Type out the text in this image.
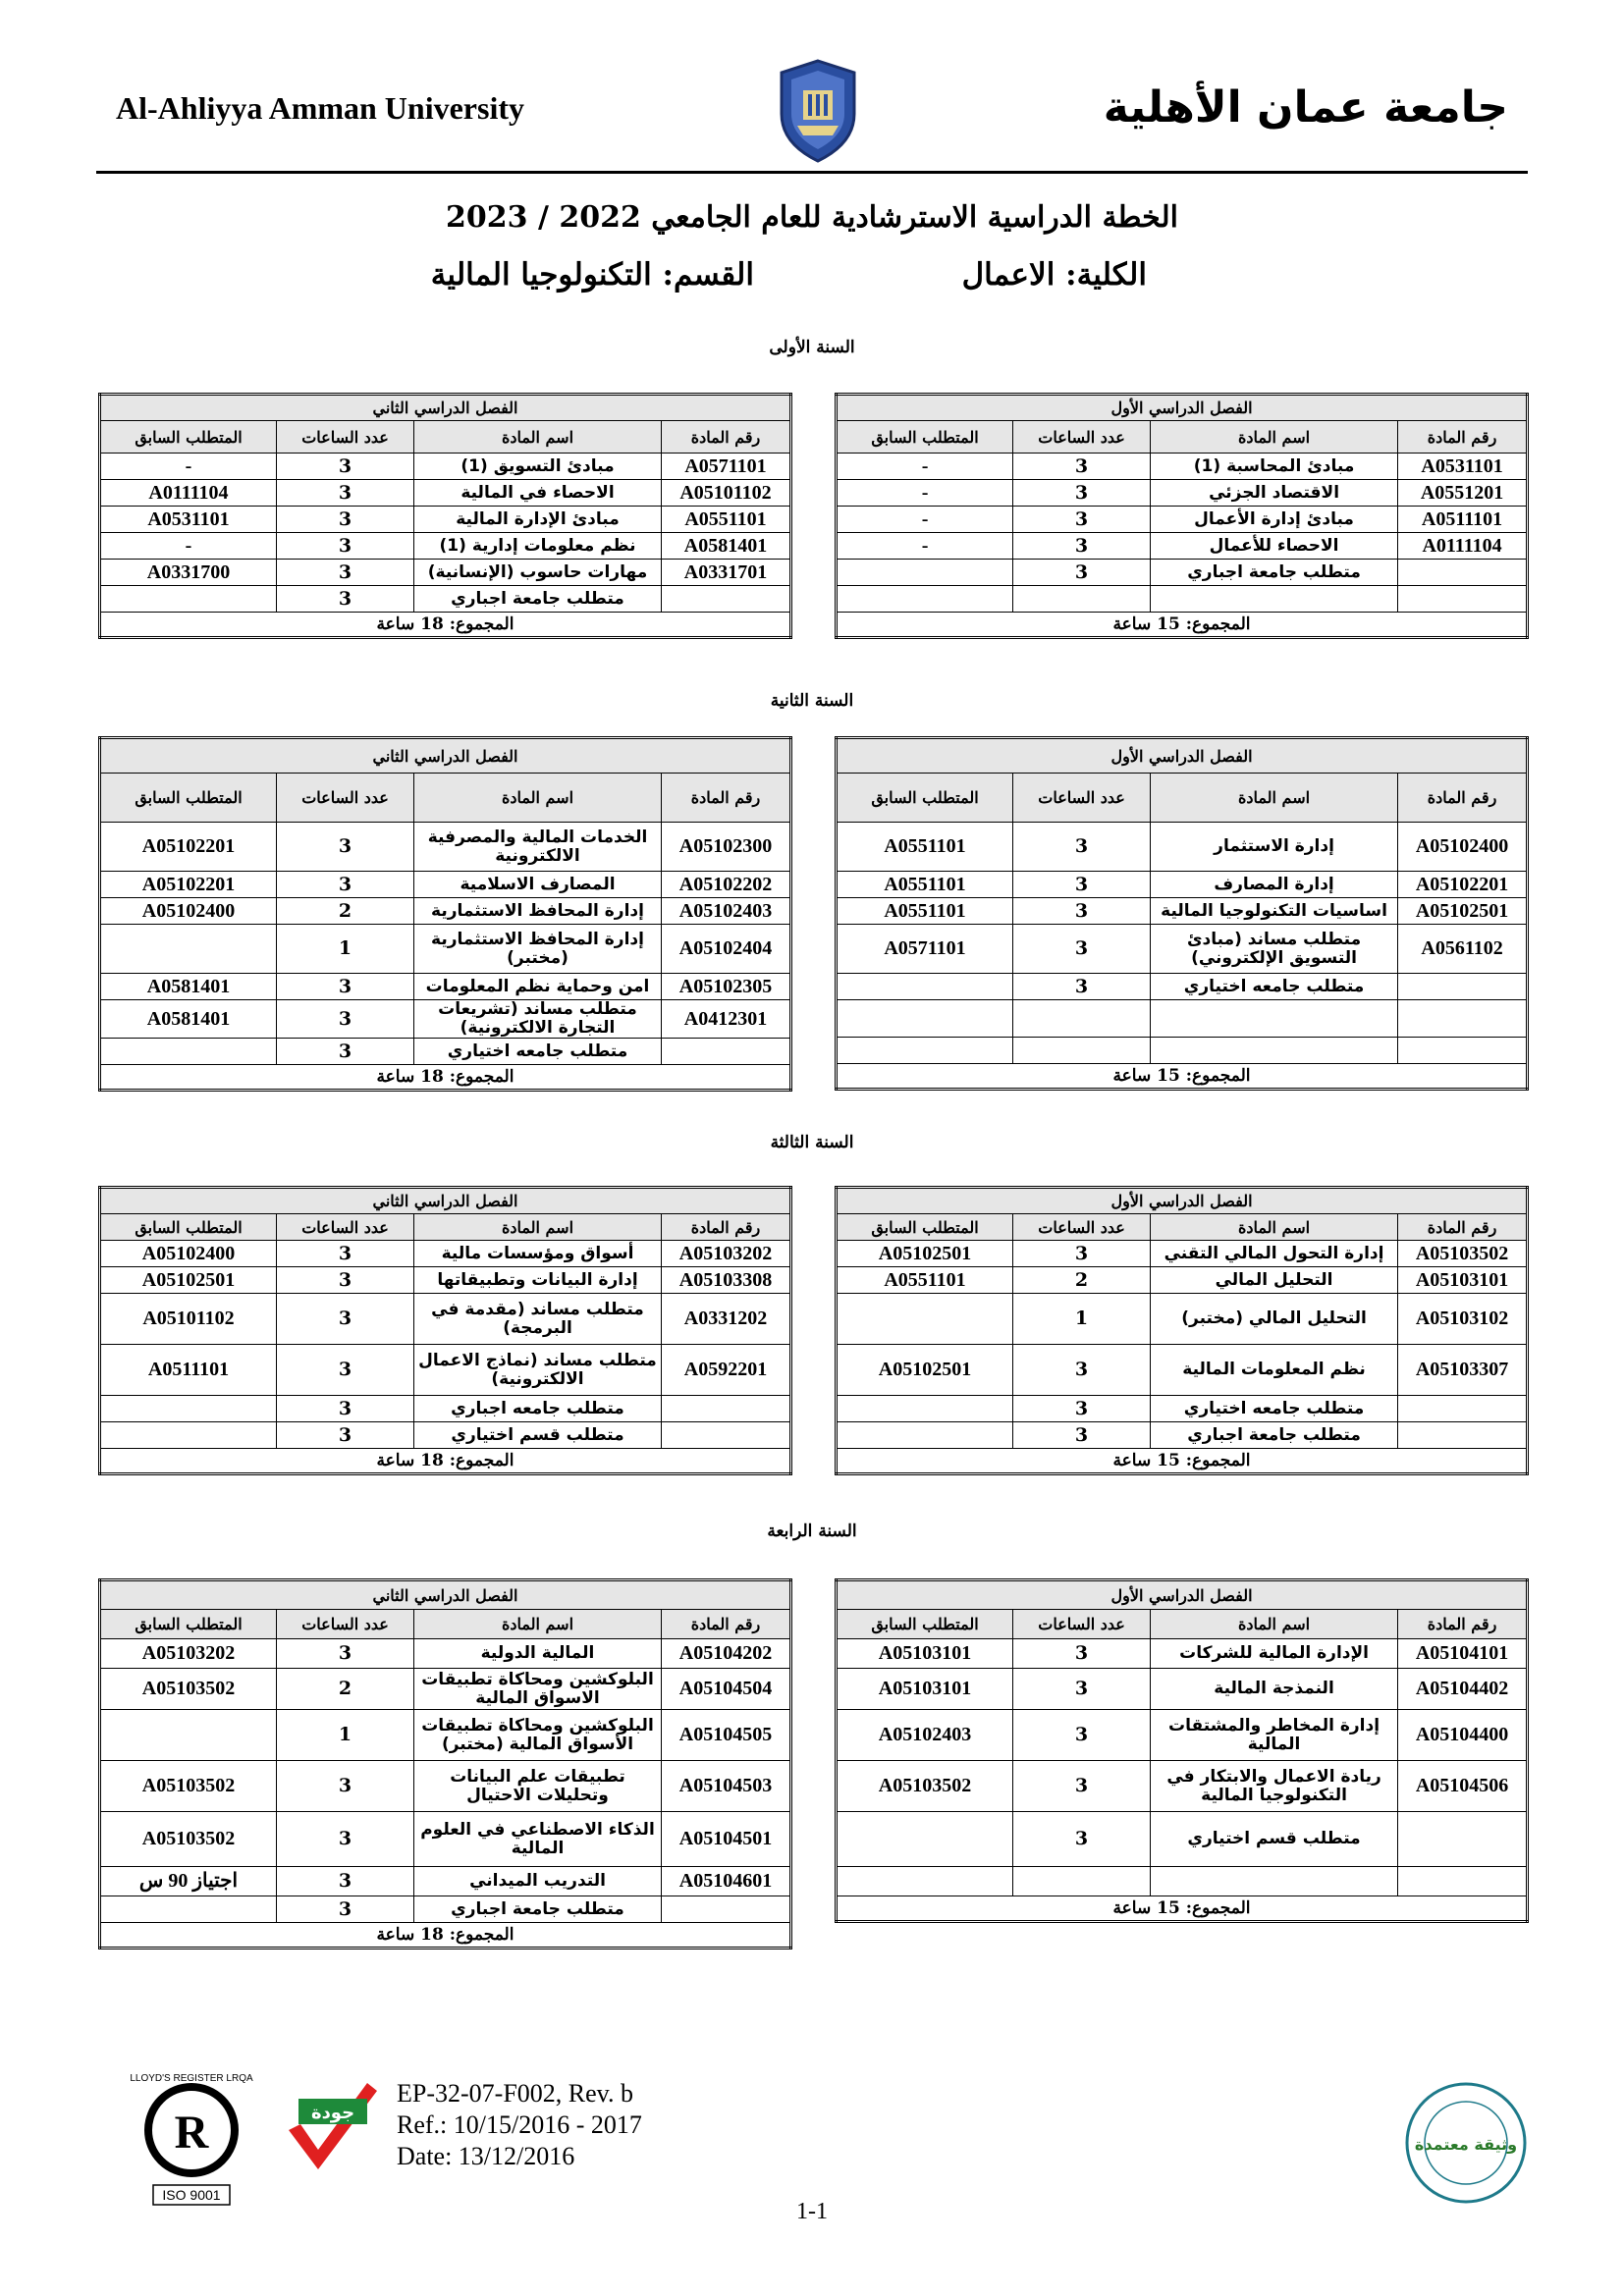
Al-Ahliyya Amman University	جامعة عمان الأهلية
الخطة الدراسية الاسترشادية للعام الجامعي 2022 / 2023
الكلية: الاعمال
القسم: التكنولوجيا المالية
السنة الأولى
الفصل الدراسي الأول			
رقم المادة	اسم المادة	عدد الساعات	المتطلب السابق
A0531101	مبادئ المحاسبة (1)	3	-
A0551201	الاقتصاد الجزئي	3	-
A0511101	مبادئ إدارة الأعمال	3	-
A0111104	الاحصاء للأعمال	3	-
	متطلب جامعة اجباري	3	

المجموع: 15 ساعة			
الفصل الدراسي الثاني			
رقم المادة	اسم المادة	عدد الساعات	المتطلب السابق
A0571101	مبادئ التسويق (1)	3	-
A05101102	الاحصاء في المالية	3	A0111104
A0551101	مبادئ الإدارة المالية	3	A0531101
A0581401	نظم معلومات إدارية (1)	3	-
A0331701	مهارات حاسوب (الإنسانية)	3	A0331700
	متطلب جامعة اجباري	3	
المجموع: 18 ساعة			
السنة الثانية
الفصل الدراسي الأول			
رقم المادة	اسم المادة	عدد الساعات	المتطلب السابق
A05102400	إدارة الاستثمار	3	A0551101
A05102201	إدارة المصارف	3	A0551101
A05102501	اساسيات التكنولوجيا المالية	3	A0551101
A0561102	متطلب مساند (مبادئ التسويق الإلكتروني)	3	A0571101
	متطلب جامعه اختياري	3	

المجموع: 15 ساعة			
الفصل الدراسي الثاني			
رقم المادة	اسم المادة	عدد الساعات	المتطلب السابق
A05102300	الخدمات المالية والمصرفية الالكترونية	3	A05102201
A05102202	المصارف الاسلامية	3	A05102201
A05102403	إدارة المحافظ الاستثمارية	2	A05102400
A05102404	إدارة المحافظ الاستثمارية (مختبر)	1	
A05102305	امن وحماية نظم المعلومات	3	A0581401
A0412301	متطلب مساند (تشريعات التجارة الالكترونية)	3	A0581401
	متطلب جامعه اختياري	3	
المجموع: 18 ساعة			
السنة الثالثة
الفصل الدراسي الأول			
رقم المادة	اسم المادة	عدد الساعات	المتطلب السابق
A05103502	إدارة التحول المالي التقني	3	A05102501
A05103101	التحليل المالي	2	A0551101
A05103102	التحليل المالي (مختبر)	1	
A05103307	نظم المعلومات المالية	3	A05102501
	متطلب جامعه اختياري	3	
	متطلب جامعة اجباري	3	
المجموع: 15 ساعة			
الفصل الدراسي الثاني			
رقم المادة	اسم المادة	عدد الساعات	المتطلب السابق
A05103202	أسواق ومؤسسات مالية	3	A05102400
A05103308	إدارة البيانات وتطبيقاتها	3	A05102501
A0331202	متطلب مساند (مقدمة في البرمجة)	3	A05101102
A0592201	متطلب مساند (نماذج الاعمال الالكترونية)	3	A0511101
	متطلب جامعه اجباري	3	
	متطلب قسم اختياري	3	
المجموع: 18 ساعة			
السنة الرابعة
الفصل الدراسي الأول			
رقم المادة	اسم المادة	عدد الساعات	المتطلب السابق
A05104101	الإدارة المالية للشركات	3	A05103101
A05104402	النمذجة المالية	3	A05103101
A05104400	إدارة المخاطر والمشتقات المالية	3	A05102403
A05104506	ريادة الاعمال والابتكار في التكنولوجيا المالية	3	A05103502
	متطلب قسم اختياري	3	

المجموع: 15 ساعة			
الفصل الدراسي الثاني			
رقم المادة	اسم المادة	عدد الساعات	المتطلب السابق
A05104202	المالية الدولية	3	A05103202
A05104504	البلوكشين ومحاكاة تطبيقات الاسواق المالية	2	A05103502
A05104505	البلوكشين ومحاكاة تطبيقات الأسواق المالية (مختبر)	1	
A05104503	تطبيقات علم البيانات وتحليلات الاحتيال	3	A05103502
A05104501	الذكاء الاصطناعي في العلوم المالية	3	A05103502
A05104601	التدريب الميداني	3	اجتياز 90 س
	متطلب جامعة اجباري	3	
المجموع: 18 ساعة			
R
ISO 9001
LLOYD'S REGISTER LRQA
جودة
EP-32-07-F002, Rev. b
Ref.: 10/15/2016 - 2017
Date: 13/12/2016	وثيقة معتمدة
1-1
